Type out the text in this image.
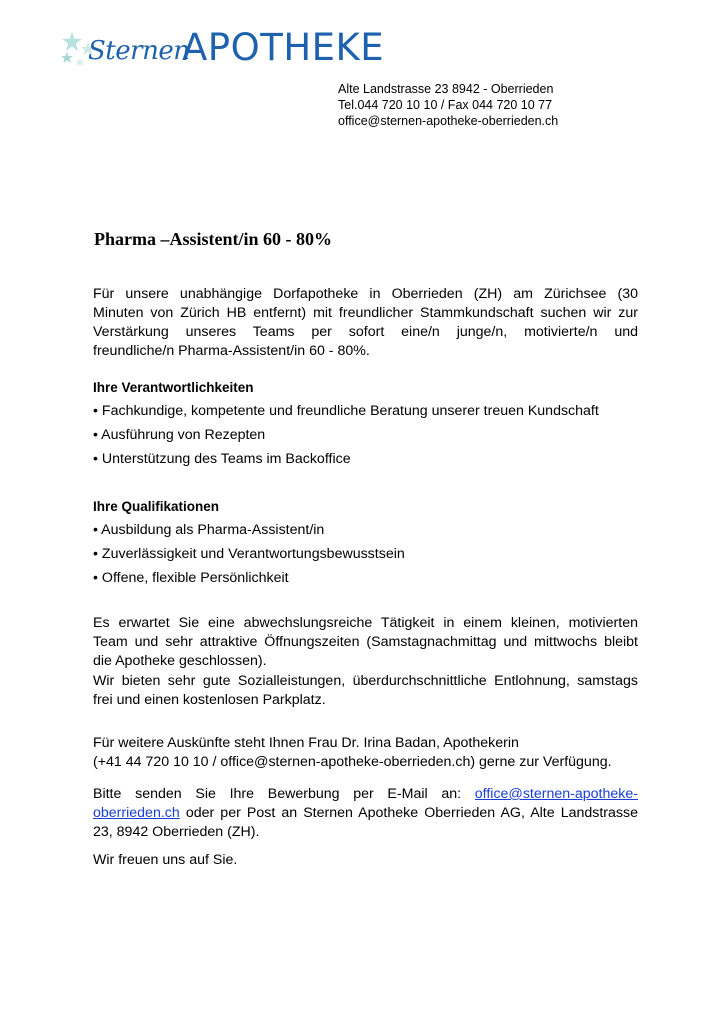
Sternen
APOTHEKE
Alte Landstrasse 23 8942 - Oberrieden
Tel.044 720 10 10 / Fax 044 720 10 77
office@sternen-apotheke-oberrieden.ch
Pharma –Assistent/in 60 - 80%
Für unsere unabhängige Dorfapotheke in Oberrieden (ZH) am Zürichsee (30
Minuten von Zürich HB entfernt) mit freundlicher Stammkundschaft suchen wir zur
Verstärkung unseres Teams per sofort eine/n junge/n, motivierte/n und
freundliche/n Pharma-Assistent/in 60 - 80%.
Ihre Verantwortlichkeiten
• Fachkundige, kompetente und freundliche Beratung unserer treuen Kundschaft
• Ausführung von Rezepten
• Unterstützung des Teams im Backoffice
Ihre Qualifikationen
• Ausbildung als Pharma-Assistent/in
• Zuverlässigkeit und Verantwortungsbewusstsein
• Offene, flexible Persönlichkeit
Es erwartet Sie eine abwechslungsreiche Tätigkeit in einem kleinen, motivierten
Team und sehr attraktive Öffnungszeiten (Samstagnachmittag und mittwochs bleibt
die Apotheke geschlossen).
Wir bieten sehr gute Sozialleistungen, überdurchschnittliche Entlohnung, samstags
frei und einen kostenlosen Parkplatz.
Für weitere Auskünfte steht Ihnen Frau Dr. Irina Badan, Apothekerin
(+41 44 720 10 10 / office@sternen-apotheke-oberrieden.ch) gerne zur Verfügung.
Bitte senden Sie Ihre Bewerbung per E-Mail an: office@sternen-apotheke-
oberrieden.ch oder per Post an Sternen Apotheke Oberrieden AG, Alte Landstrasse
23, 8942 Oberrieden (ZH).
Wir freuen uns auf Sie.
